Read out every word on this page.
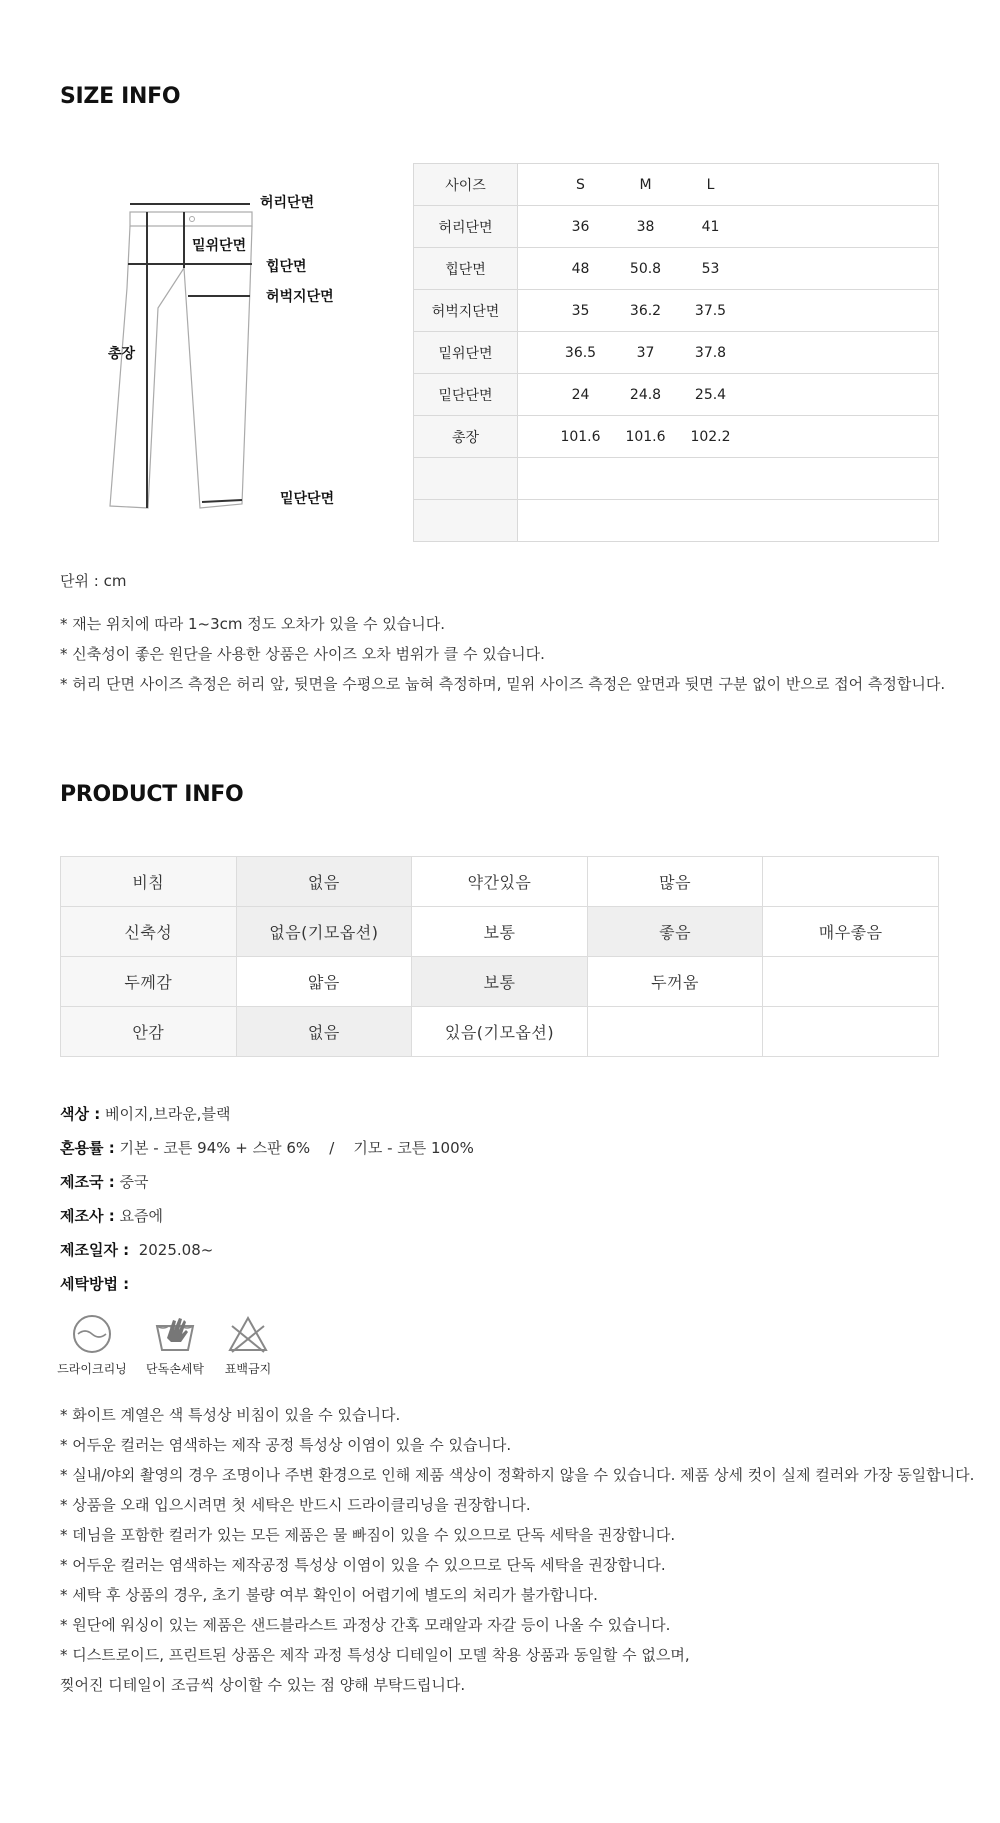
SIZE INFO
허리단면
밑위단면
힙단면
허벅지단면
총장
밑단단면
사이즈	S M L
허리단면	36 38 41
힙단면	48 50.8 53
허벅지단면	35 36.2 37.5
밑위단면	36.5 37 37.8
밑단단면	24 24.8 25.4
총장	101.6 101.6 102.2

단위 : cm
* 재는 위치에 따라 1~3cm 정도 오차가 있을 수 있습니다.
* 신축성이 좋은 원단을 사용한 상품은 사이즈 오차 범위가 클 수 있습니다.
* 허리 단면 사이즈 측정은 허리 앞, 뒷면을 수평으로 눕혀 측정하며, 밑위 사이즈 측정은 앞면과 뒷면 구분 없이 반으로 접어 측정합니다.
PRODUCT INFO
비침	없음	약간있음	많음	
신축성	없음(기모옵션)	보통	좋음	매우좋음
두께감	얇음	보통	두꺼움	
안감	없음	있음(기모옵션)		
색상 : 베이지,브라운,블랙
혼용률 : 기본 - 코튼 94% + 스판 6%    /    기모 - 코튼 100%
제조국 : 중국
제조사 : 요즘에
제조일자 :  2025.08~
세탁방법 :
드라이크리닝	단독손세탁	표백금지
* 화이트 계열은 색 특성상 비침이 있을 수 있습니다.
* 어두운 컬러는 염색하는 제작 공정 특성상 이염이 있을 수 있습니다.
* 실내/야외 촬영의 경우 조명이나 주변 환경으로 인해 제품 색상이 정확하지 않을 수 있습니다. 제품 상세 컷이 실제 컬러와 가장 동일합니다.
* 상품을 오래 입으시려면 첫 세탁은 반드시 드라이클리닝을 권장합니다.
* 데님을 포함한 컬러가 있는 모든 제품은 물 빠짐이 있을 수 있으므로 단독 세탁을 권장합니다.
* 어두운 컬러는 염색하는 제작공정 특성상 이염이 있을 수 있으므로 단독 세탁을 권장합니다.
* 세탁 후 상품의 경우, 초기 불량 여부 확인이 어렵기에 별도의 처리가 불가합니다.
* 원단에 워싱이 있는 제품은 샌드블라스트 과정상 간혹 모래알과 자갈 등이 나올 수 있습니다.
* 디스트로이드, 프린트된 상품은 제작 과정 특성상 디테일이 모델 착용 상품과 동일할 수 없으며,
찢어진 디테일이 조금씩 상이할 수 있는 점 양해 부탁드립니다.
